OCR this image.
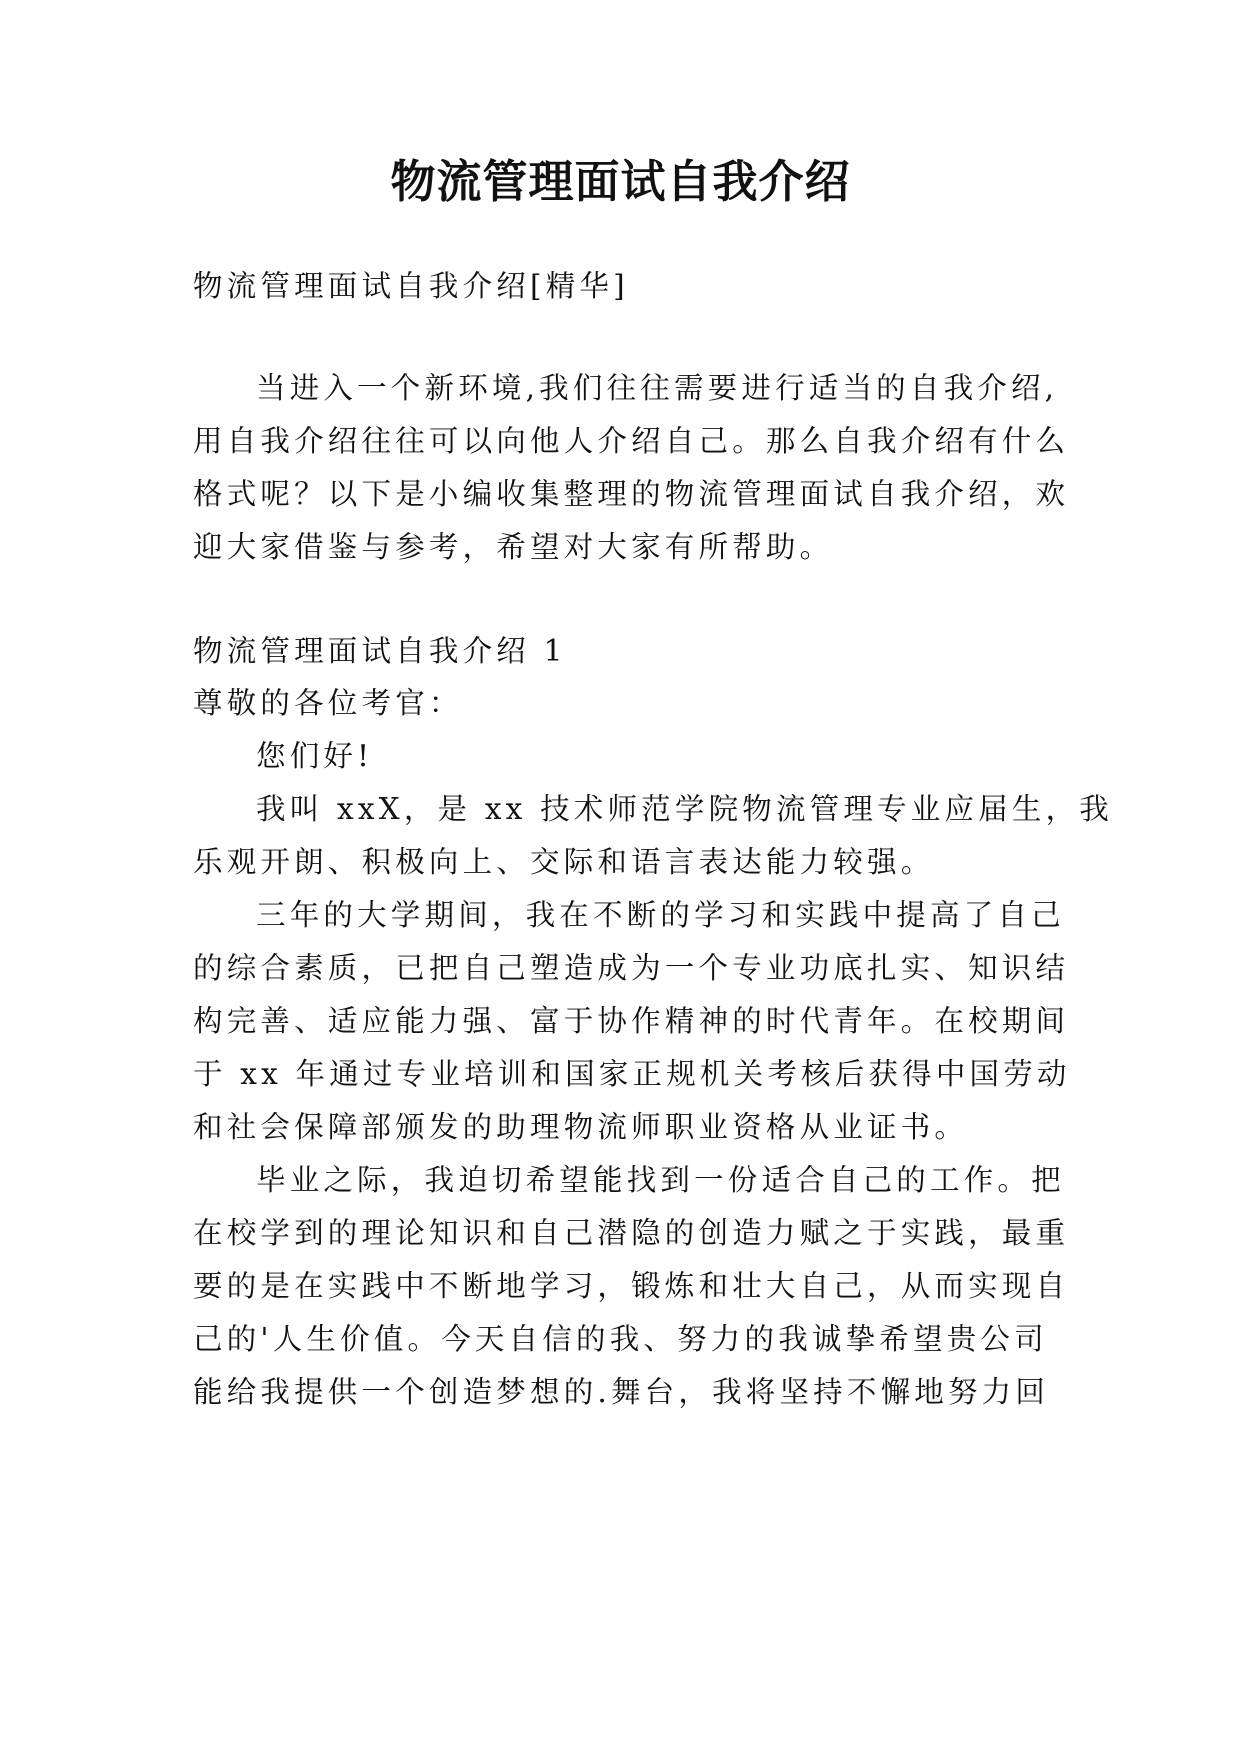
物流管理面试自我介绍
物流管理面试自我介绍[精华]
当进入一个新环境,我们往往需要进行适当的自我介绍,
用自我介绍往往可以向他人介绍自己。那么自我介绍有什么
格式呢？以下是小编收集整理的物流管理面试自我介绍，欢
迎大家借鉴与参考，希望对大家有所帮助。
物流管理面试自我介绍 1
尊敬的各位考官：
您们好!
我叫 xxX，是 xx 技术师范学院物流管理专业应届生，我
乐观开朗、积极向上、交际和语言表达能力较强。
三年的大学期间，我在不断的学习和实践中提高了自己
的综合素质，已把自己塑造成为一个专业功底扎实、知识结
构完善、适应能力强、富于协作精神的时代青年。在校期间
于 xx 年通过专业培训和国家正规机关考核后获得中国劳动
和社会保障部颁发的助理物流师职业资格从业证书。
毕业之际，我迫切希望能找到一份适合自己的工作。把
在校学到的理论知识和自己潜隐的创造力赋之于实践，最重
要的是在实践中不断地学习，锻炼和壮大自己，从而实现自
己的'人生价值。今天自信的我、努力的我诚挚希望贵公司
能给我提供一个创造梦想的.舞台，我将坚持不懈地努力回
